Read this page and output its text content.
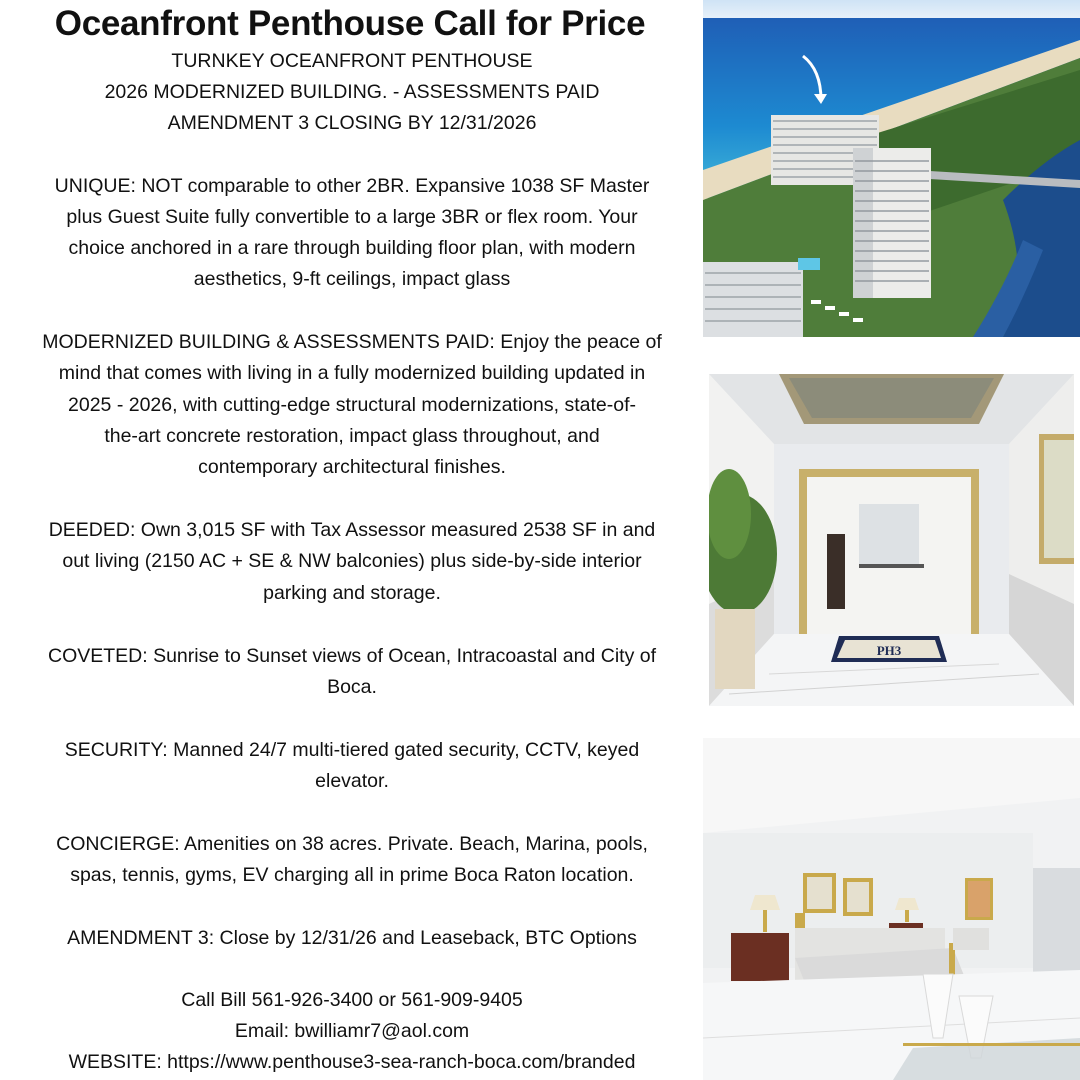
Oceanfront Penthouse Call for Price
TURNKEY OCEANFRONT PENTHOUSE
2026 MODERNIZED BUILDING. - ASSESSMENTS PAID
AMENDMENT 3 CLOSING BY 12/31/2026
UNIQUE: NOT comparable to other 2BR. Expansive 1038 SF Master
plus Guest Suite fully convertible to a large 3BR or flex room. Your
choice anchored in a rare through building floor plan, with modern
aesthetics, 9-ft ceilings, impact glass
MODERNIZED BUILDING & ASSESSMENTS PAID: Enjoy the peace of
mind that comes with living in a fully modernized building updated in
2025 - 2026, with cutting-edge structural modernizations, state-of-
the-art concrete restoration, impact glass throughout, and
contemporary architectural finishes.
DEEDED: Own 3,015 SF with Tax Assessor measured 2538 SF in and
out living (2150 AC + SE & NW balconies) plus side-by-side interior
parking and storage.
COVETED: Sunrise to Sunset views of Ocean, Intracoastal and City of
Boca.
SECURITY: Manned 24/7 multi-tiered gated security, CCTV, keyed
elevator.
CONCIERGE: Amenities on 38 acres. Private. Beach, Marina, pools,
spas, tennis, gyms, EV charging all in prime Boca Raton location.
AMENDMENT 3: Close by 12/31/26 and Leaseback, BTC Options
Call Bill 561-926-3400 or 561-909-9405
Email: bwilliamr7@aol.com
WEBSITE: https://www.penthouse3-sea-ranch-boca.com/branded
PH3
